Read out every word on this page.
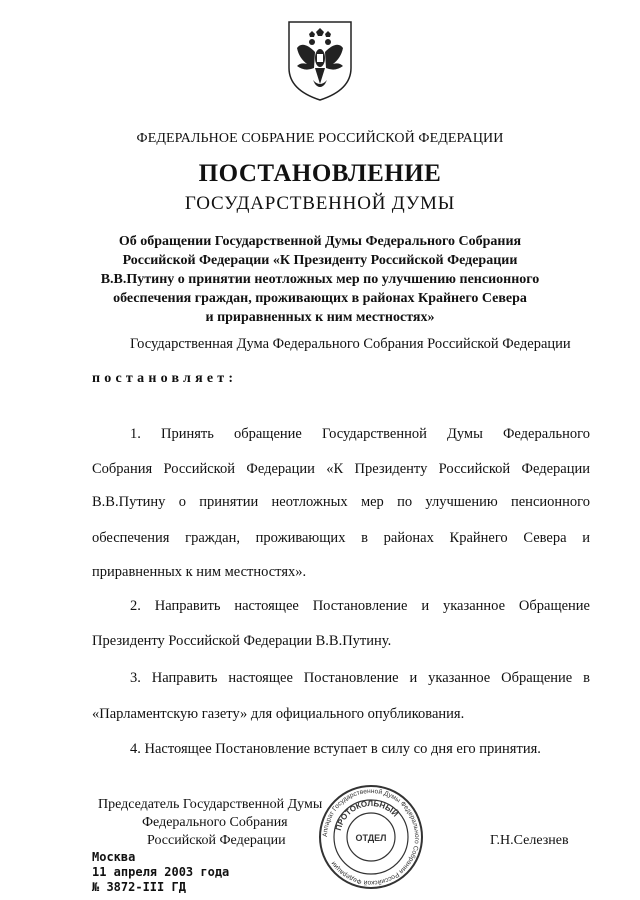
ФЕДЕРАЛЬНОЕ СОБРАНИЕ РОССИЙСКОЙ ФЕДЕРАЦИИ
ПОСТАНОВЛЕНИЕ
ГОСУДАРСТВЕННОЙ ДУМЫ
Об обращении Государственной Думы Федерального Собрания
Российской Федерации «К Президенту Российской Федерации
В.В.Путину о принятии неотложных мер по улучшению пенсионного
обеспечения граждан, проживающих в районах Крайнего Севера
и приравненных к ним местностях»
Государственная Дума Федерального Собрания Российской Федерации
постановляет:
1. Принять обращение Государственной Думы Федерального
Собрания Российской Федерации «К Президенту Российской Федерации
В.В.Путину о принятии неотложных мер по улучшению пенсионного
обеспечения граждан, проживающих в районах Крайнего Севера и
приравненных к ним местностях».
2. Направить настоящее Постановление и указанное Обращение
Президенту Российской Федерации В.В.Путину.
3. Направить настоящее Постановление и указанное Обращение в
«Парламентскую газету» для официального опубликования.
4. Настоящее Постановление вступает в силу со дня его принятия.
Председатель Государственной Думы
Федерального Собрания
Российской Федерации	Г.Н.Селезнев
Москва
11 апреля 2003 года
№ 3872-III ГД
Аппарат Государственной Думы Федерального Собрания Российской Федерации
ПРОТОКОЛЬНЫЙ
ОТДЕЛ
